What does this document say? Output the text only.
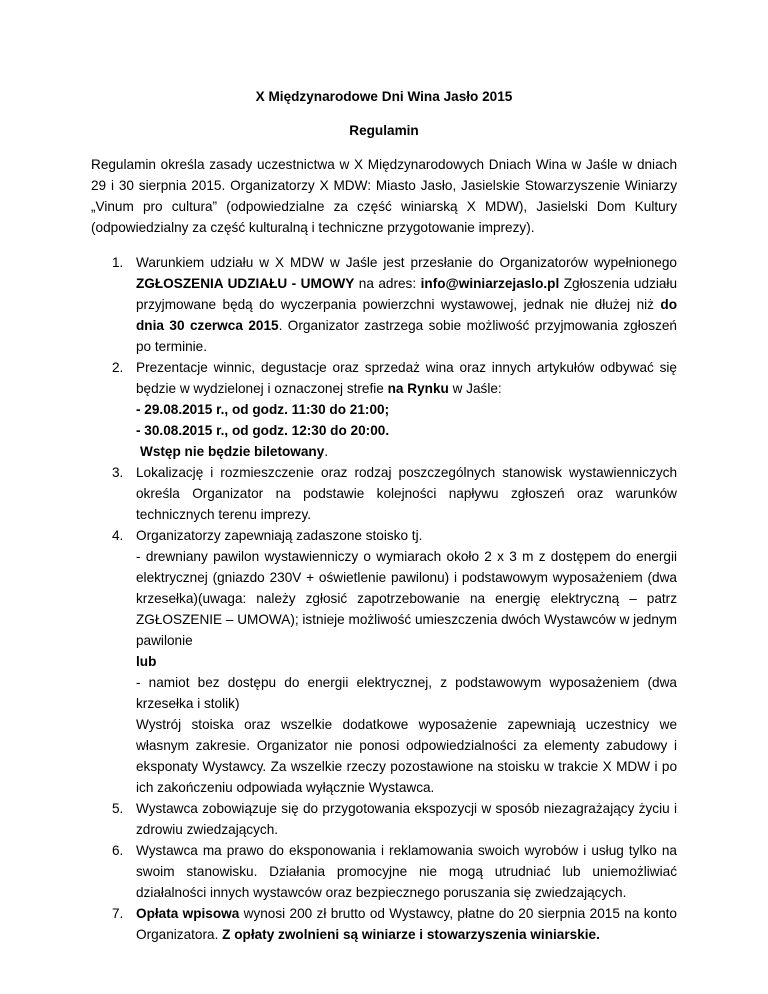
X Międzynarodowe Dni Wina Jasło 2015

Regulamin

Regulamin określa zasady uczestnictwa w X Międzynarodowych Dniach Wina w Jaśle w dniach 29 i 30 sierpnia 2015. Organizatorzy X MDW: Miasto Jasło, Jasielskie Stowarzyszenie Winiarzy „Vinum pro cultura” (odpowiedzialne za część winiarską X MDW), Jasielski Dom Kultury (odpowiedzialny za część kulturalną i techniczne przygotowanie imprezy).

1. Warunkiem udziału w X MDW w Jaśle jest przesłanie do Organizatorów wypełnionego ZGŁOSZENIA UDZIAŁU - UMOWY na adres: info@winiarzejaslo.pl Zgłoszenia udziału przyjmowane będą do wyczerpania powierzchni wystawowej, jednak nie dłużej niż do dnia 30 czerwca 2015. Organizator zastrzega sobie możliwość przyjmowania zgłoszeń po terminie.
2. Prezentacje winnic, degustacje oraz sprzedaż wina oraz innych artykułów odbywać się będzie w wydzielonej i oznaczonej strefie na Rynku w Jaśle:
- 29.08.2015 r., od godz. 11:30 do 21:00;
- 30.08.2015 r., od godz. 12:30 do 20:00.
Wstęp nie będzie biletowany.
3. Lokalizację i rozmieszczenie oraz rodzaj poszczególnych stanowisk wystawienniczych określa Organizator na podstawie kolejności napływu zgłoszeń oraz warunków technicznych terenu imprezy.
4. Organizatorzy zapewniają zadaszone stoisko tj.
- drewniany pawilon wystawienniczy o wymiarach około 2 x 3 m z dostępem do energii elektrycznej (gniazdo 230V + oświetlenie pawilonu) i podstawowym wyposażeniem (dwa krzesełka)(uwaga: należy zgłosić zapotrzebowanie na energię elektryczną – patrz ZGŁOSZENIE – UMOWA); istnieje możliwość umieszczenia dwóch Wystawców w jednym pawilonie
lub
- namiot bez dostępu do energii elektrycznej, z podstawowym wyposażeniem (dwa krzesełka i stolik)
Wystrój stoiska oraz wszelkie dodatkowe wyposażenie zapewniają uczestnicy we własnym zakresie. Organizator nie ponosi odpowiedzialności za elementy zabudowy i eksponaty Wystawcy. Za wszelkie rzeczy pozostawione na stoisku w trakcie X MDW i po ich zakończeniu odpowiada wyłącznie Wystawca.
5. Wystawca zobowiązuje się do przygotowania ekspozycji w sposób niezagrażający życiu i zdrowiu zwiedzających.
6. Wystawca ma prawo do eksponowania i reklamowania swoich wyrobów i usług tylko na swoim stanowisku. Działania promocyjne nie mogą utrudniać lub uniemożliwiać działalności innych wystawców oraz bezpiecznego poruszania się zwiedzających.
7. Opłata wpisowa wynosi 200 zł brutto od Wystawcy, płatne do 20 sierpnia 2015 na konto Organizatora. Z opłaty zwolnieni są winiarze i stowarzyszenia winiarskie.
